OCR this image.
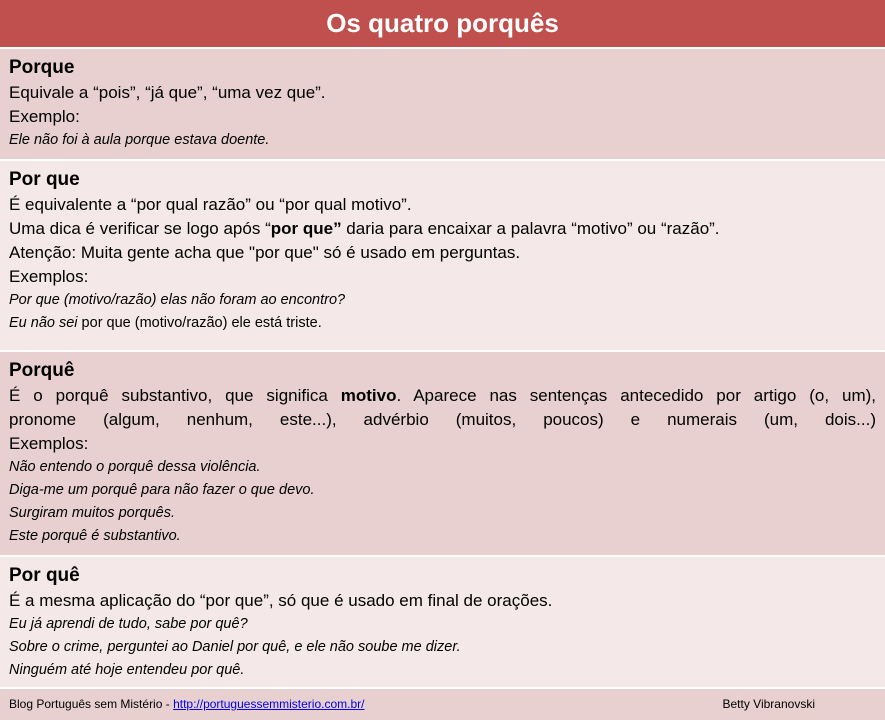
Os quatro porquês
Porque
Equivale a “pois”, “já que”, “uma vez que”.
Exemplo:
Ele não foi à aula porque estava doente.
Por que
É equivalente a “por qual razão” ou “por qual motivo”.
Uma dica é verificar se logo após “por que” daria para encaixar a palavra “motivo” ou “razão”.
Atenção: Muita gente acha que "por que" só é usado em perguntas.
Exemplos:
Por que (motivo/razão) elas não foram ao encontro?
Eu não sei por que (motivo/razão) ele está triste.
Porquê
É o porquê substantivo, que significa motivo. Aparece nas sentenças antecedido por artigo (o, um),
pronome (algum, nenhum, este...), advérbio (muitos, poucos) e numerais (um, dois...)
Exemplos:
Não entendo o porquê dessa violência.
Diga-me um porquê para não fazer o que devo.
Surgiram muitos porquês.
Este porquê é substantivo.
Por quê
É a mesma aplicação do “por que”, só que é usado em final de orações.
Eu já aprendi de tudo, sabe por quê?
Sobre o crime, perguntei ao Daniel por quê, e ele não soube me dizer.
Ninguém até hoje entendeu por quê.
Blog Português sem Mistério - http://portuguessemmisterio.com.br/	Betty Vibranovski
